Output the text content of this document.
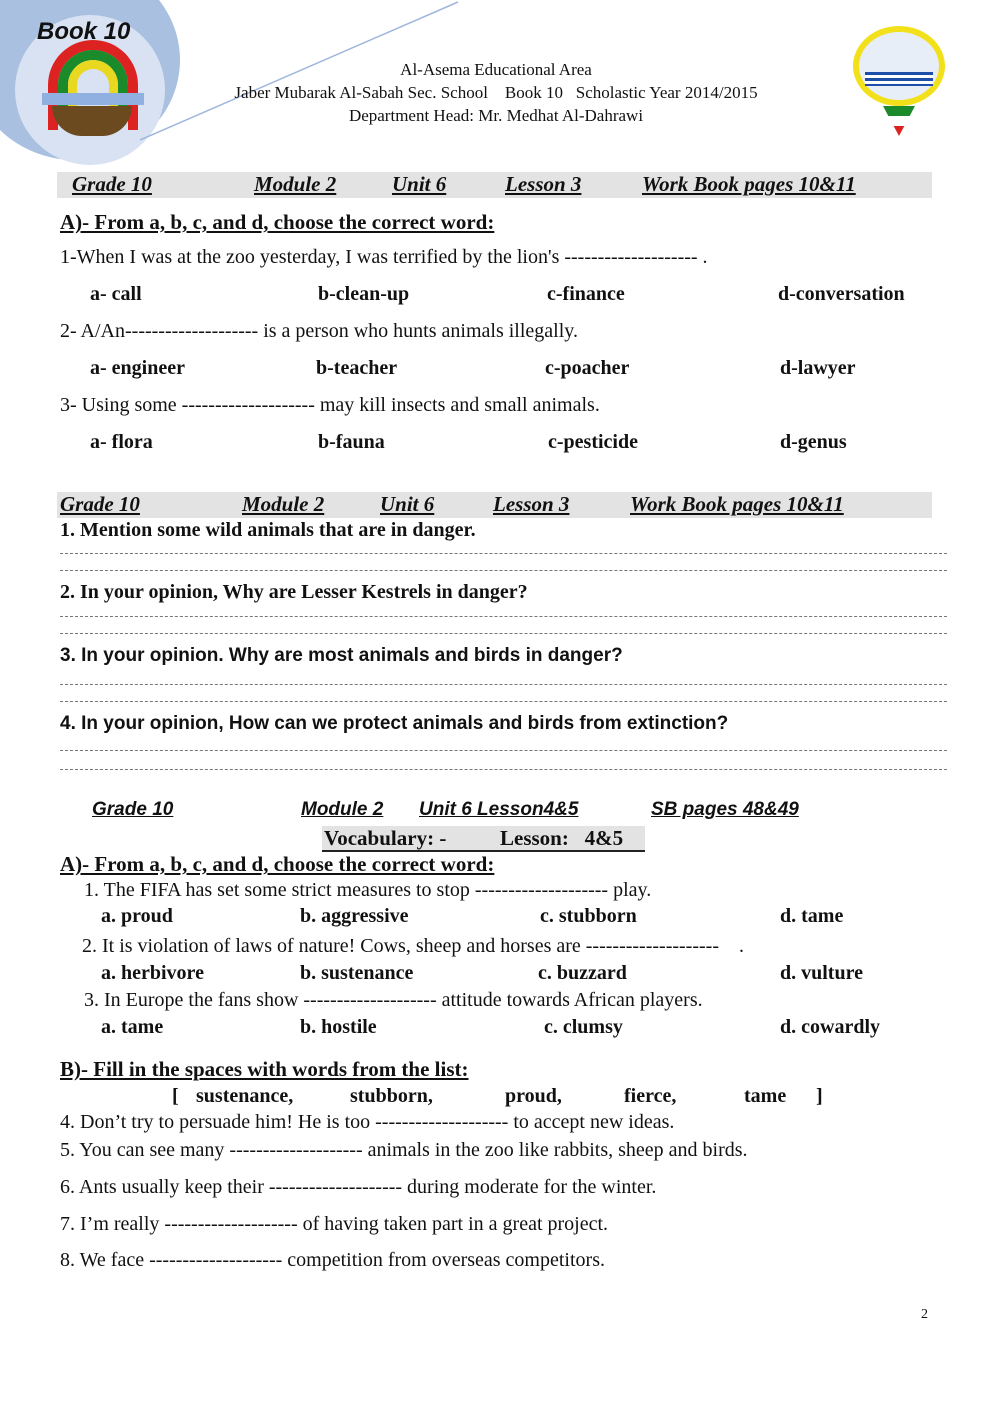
Book 10
Al-Asema Educational Area
Jaber Mubarak Al-Sabah Sec. School    Book 10   Scholastic Year 2014/2015
Department Head: Mr. Medhat Al-Dahrawi
Grade 10	Module 2	Unit 6	Lesson 3	Work Book pages 10&11
A)- From a, b, c, and d, choose the correct word:
1-When I was at the zoo yesterday, I was terrified by the lion's -------------------- .
a- call	b-clean-up	c-finance	d-conversation
2- A/An-------------------- is a person who hunts animals illegally.
a- engineer	b-teacher	c-poacher	d-lawyer
3- Using some -------------------- may kill insects and small animals.
a- flora	b-fauna	c-pesticide	d-genus
Grade 10	Module 2	Unit 6	Lesson 3	Work Book pages 10&11
1. Mention some wild animals that are in danger.
2. In your opinion, Why are Lesser Kestrels in danger?
3. In your opinion. Why are most animals and birds in danger?
4. In your opinion, How can we protect animals and birds from extinction?
Grade 10	Module 2 Unit 6 Lesson4&5	SB pages 48&49
Vocabulary: -	Lesson:   4&5
A)- From a, b, c, and d, choose the correct word:
1. The FIFA has set some strict measures to stop -------------------- play.
a. proud	b. aggressive	c. stubborn	d. tame
2. It is violation of laws of nature! Cows, sheep and horses are --------------------    .
a. herbivore	b. sustenance	c. buzzard	d. vulture
3. In Europe the fans show -------------------- attitude towards African players.
a. tame	b. hostile	c. clumsy	d. cowardly
B)- Fill in the spaces with words from the list:
[ sustenance,	stubborn,	proud,	fierce,	tame ]
4. Don’t try to persuade him! He is too -------------------- to accept new ideas.
5. You can see many -------------------- animals in the zoo like rabbits, sheep and birds.
6. Ants usually keep their -------------------- during moderate for the winter.
7. I’m really -------------------- of having taken part in a great project.
8. We face -------------------- competition from overseas competitors.
2
